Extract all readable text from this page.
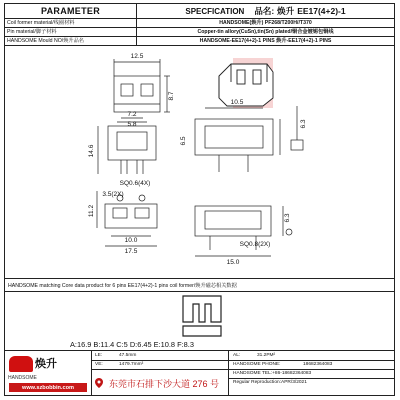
PARAMETER	SPECFICATION 品名: 焕升 EE17(4+2)-1
Coil former material/线圈材料	HANDSOME(焕升) PF268/T200H//T370
Pin material/脚子材料	Copper-tin allory(CuSn),tin(Sn) plated/铜合金镀锡包铜线
HANDSOME Mould NO/焕升品名	HANDSOME-EE17(4+2)-1 PINS 焕升-EE17(4+2)-1 PINS
12.5
8.7
10.5
7.2
5.8
14.6
6.5
SQ0.6(4X)
6.3
3.5(2X)
11.2
10.0
17.5
6.3
SQ0.8(2X)
15.0
HANDSOME matching Core data product for 6 pins EE17(4+2)-1 pins coil former/焕升磁芯相关数据
A:16.9 B:11.4 C:5 D:6.45 E:10.8 F:8.3
焕升
HANDSOME
www.szbobbin.com
LE:	47.5mm
VE:	1479.7mm³
东莞市石排下沙大道 276 号
AL:	31.2PM²
HANDSOME PHONE:	18682364083
HANDSOME TEL:+86-18682364083
Regular Reproduction:APR/3/2021
